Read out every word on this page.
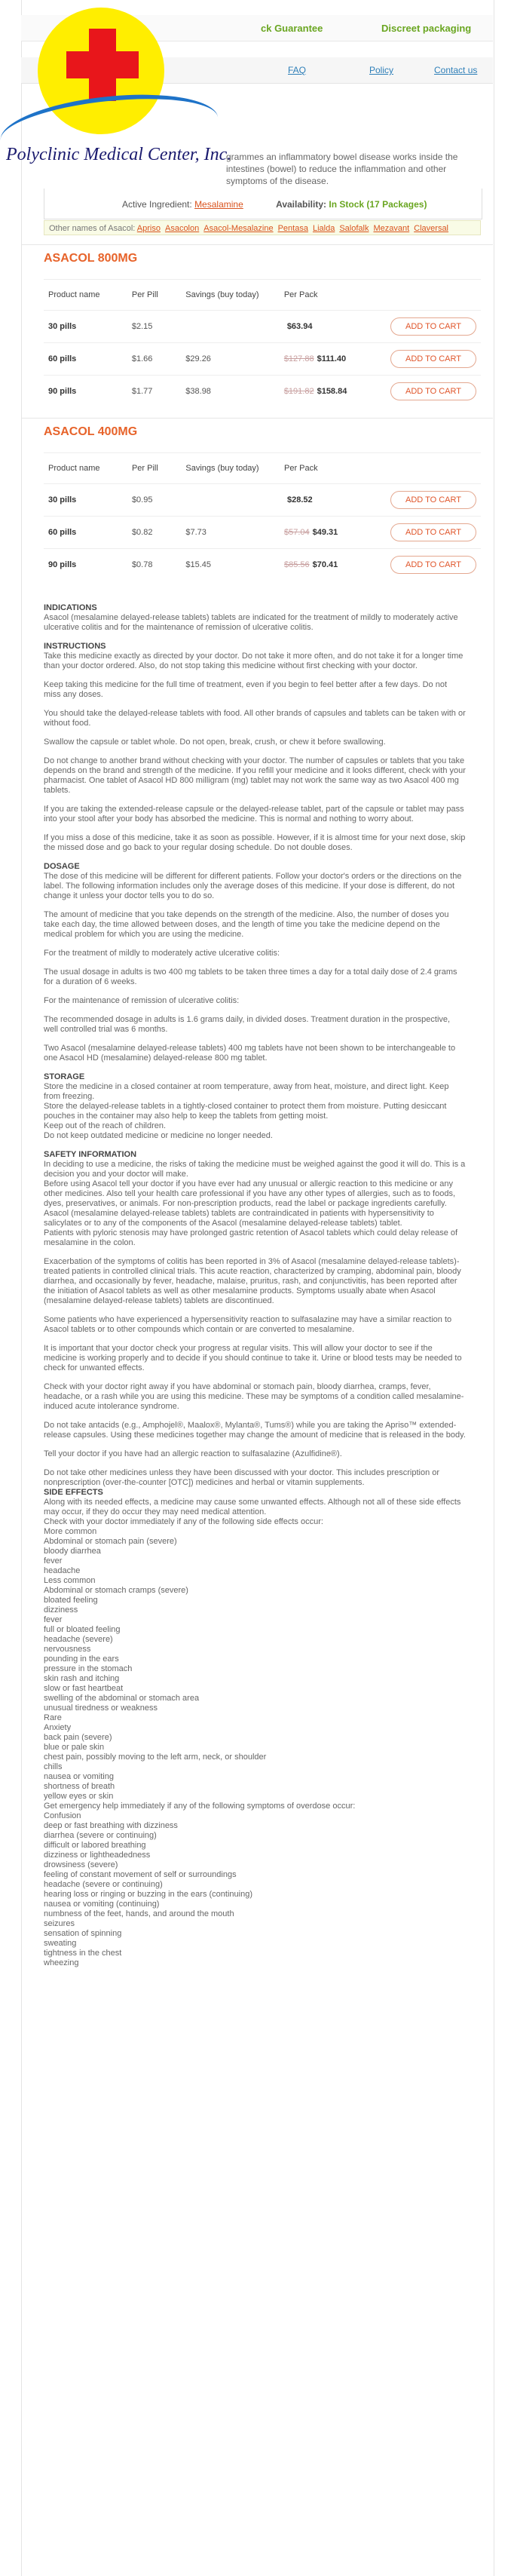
ck Guarantee	Discreet packaging
FAQ	Policy	Contact us
Polyclinic Medical Center, Inc.
grammes an inflammatory bowel disease works inside the intestines (bowel) to reduce the inflammation and other symptoms of the disease.
Active Ingredient: Mesalamine	Availability: In Stock (17 Packages)
Other names of Asacol: Apriso Asacolon Asacol-Mesalazine Pentasa Lialda Salofalk Mezavant Claversal
ASACOL 800MG
Product name	Per Pill	Savings (buy today)	Per Pack	
30 pills	$2.15		$63.94	ADD TO CART
60 pills	$1.66	$29.26	$127.88 $111.40	ADD TO CART
90 pills	$1.77	$38.98	$191.82 $158.84	ADD TO CART
ASACOL 400MG
Product name	Per Pill	Savings (buy today)	Per Pack	
30 pills	$0.95		$28.52	ADD TO CART
60 pills	$0.82	$7.73	$57.04 $49.31	ADD TO CART
90 pills	$0.78	$15.45	$85.56 $70.41	ADD TO CART
INDICATIONS

Asacol (mesalamine delayed-release tablets) tablets are indicated for the treatment of mildly to moderately active ulcerative colitis and for the maintenance of remission of ulcerative colitis.

INSTRUCTIONS

Take this medicine exactly as directed by your doctor. Do not take it more often, and do not take it for a longer time than your doctor ordered. Also, do not stop taking this medicine without first checking with your doctor.

Keep taking this medicine for the full time of treatment, even if you begin to feel better after a few days. Do not miss any doses.

You should take the delayed-release tablets with food. All other brands of capsules and tablets can be taken with or without food.

Swallow the capsule or tablet whole. Do not open, break, crush, or chew it before swallowing.

Do not change to another brand without checking with your doctor. The number of capsules or tablets that you take depends on the brand and strength of the medicine. If you refill your medicine and it looks different, check with your pharmacist. One tablet of Asacol HD 800 milligram (mg) tablet may not work the same way as two Asacol 400 mg tablets.

If you are taking the extended-release capsule or the delayed-release tablet, part of the capsule or tablet may pass into your stool after your body has absorbed the medicine. This is normal and nothing to worry about.

If you miss a dose of this medicine, take it as soon as possible. However, if it is almost time for your next dose, skip the missed dose and go back to your regular dosing schedule. Do not double doses.

DOSAGE

The dose of this medicine will be different for different patients. Follow your doctor's orders or the directions on the label. The following information includes only the average doses of this medicine. If your dose is different, do not change it unless your doctor tells you to do so.

The amount of medicine that you take depends on the strength of the medicine. Also, the number of doses you take each day, the time allowed between doses, and the length of time you take the medicine depend on the medical problem for which you are using the medicine.

For the treatment of mildly to moderately active ulcerative colitis:

The usual dosage in adults is two 400 mg tablets to be taken three times a day for a total daily dose of 2.4 grams for a duration of 6 weeks.

For the maintenance of remission of ulcerative colitis:

The recommended dosage in adults is 1.6 grams daily, in divided doses. Treatment duration in the prospective, well controlled trial was 6 months.

Two Asacol (mesalamine delayed-release tablets) 400 mg tablets have not been shown to be interchangeable to one Asacol HD (mesalamine) delayed-release 800 mg tablet.

STORAGE
Store the medicine in a closed container at room temperature, away from heat, moisture, and direct light. Keep from freezing.
Store the delayed-release tablets in a tightly-closed container to protect them from moisture. Putting desiccant pouches in the container may also help to keep the tablets from getting moist.
Keep out of the reach of children.

Do not keep outdated medicine or medicine no longer needed.

SAFETY INFORMATION
In deciding to use a medicine, the risks of taking the medicine must be weighed against the good it will do. This is a decision you and your doctor will make.
Before using Asacol tell your doctor if you have ever had any unusual or allergic reaction to this medicine or any other medicines. Also tell your health care professional if you have any other types of allergies, such as to foods, dyes, preservatives, or animals. For non-prescription products, read the label or package ingredients carefully.
Asacol (mesalamine delayed-release tablets) tablets are contraindicated in patients with hypersensitivity to salicylates or to any of the components of the Asacol (mesalamine delayed-release tablets) tablet.

Patients with pyloric stenosis may have prolonged gastric retention of Asacol tablets which could delay release of mesalamine in the colon.

Exacerbation of the symptoms of colitis has been reported in 3% of Asacol (mesalamine delayed-release tablets)-treated patients in controlled clinical trials. This acute reaction, characterized by cramping, abdominal pain, bloody diarrhea, and occasionally by fever, headache, malaise, pruritus, rash, and conjunctivitis, has been reported after the initiation of Asacol tablets as well as other mesalamine products. Symptoms usually abate when Asacol (mesalamine delayed-release tablets) tablets are discontinued.

Some patients who have experienced a hypersensitivity reaction to sulfasalazine may have a similar reaction to Asacol tablets or to other compounds which contain or are converted to mesalamine.

It is important that your doctor check your progress at regular visits. This will allow your doctor to see if the medicine is working properly and to decide if you should continue to take it. Urine or blood tests may be needed to check for unwanted effects.

Check with your doctor right away if you have abdominal or stomach pain, bloody diarrhea, cramps, fever, headache, or a rash while you are using this medicine. These may be symptoms of a condition called mesalamine-induced acute intolerance syndrome.

Do not take antacids (e.g., Amphojel®, Maalox®, Mylanta®, Tums®) while you are taking the Apriso™ extended-release capsules. Using these medicines together may change the amount of medicine that is released in the body.

Tell your doctor if you have had an allergic reaction to sulfasalazine (Azulfidine®).

Do not take other medicines unless they have been discussed with your doctor. This includes prescription or nonprescription (over-the-counter [OTC]) medicines and herbal or vitamin supplements.
SIDE EFFECTS
Along with its needed effects, a medicine may cause some unwanted effects. Although not all of these side effects may occur, if they do occur they may need medical attention.
Check with your doctor immediately if any of the following side effects occur:
More common
Abdominal or stomach pain (severe)
bloody diarrhea
fever
headache
Less common
Abdominal or stomach cramps (severe)
bloated feeling
dizziness
fever
full or bloated feeling
headache (severe)
nervousness
pounding in the ears
pressure in the stomach
skin rash and itching
slow or fast heartbeat
swelling of the abdominal or stomach area
unusual tiredness or weakness
Rare
Anxiety
back pain (severe)
blue or pale skin
chest pain, possibly moving to the left arm, neck, or shoulder
chills
nausea or vomiting
shortness of breath
yellow eyes or skin
Get emergency help immediately if any of the following symptoms of overdose occur:
Confusion
deep or fast breathing with dizziness
diarrhea (severe or continuing)
difficult or labored breathing
dizziness or lightheadedness
drowsiness (severe)
feeling of constant movement of self or surroundings
headache (severe or continuing)
hearing loss or ringing or buzzing in the ears (continuing)
nausea or vomiting (continuing)
numbness of the feet, hands, and around the mouth
seizures
sensation of spinning
sweating
tightness in the chest
wheezing
